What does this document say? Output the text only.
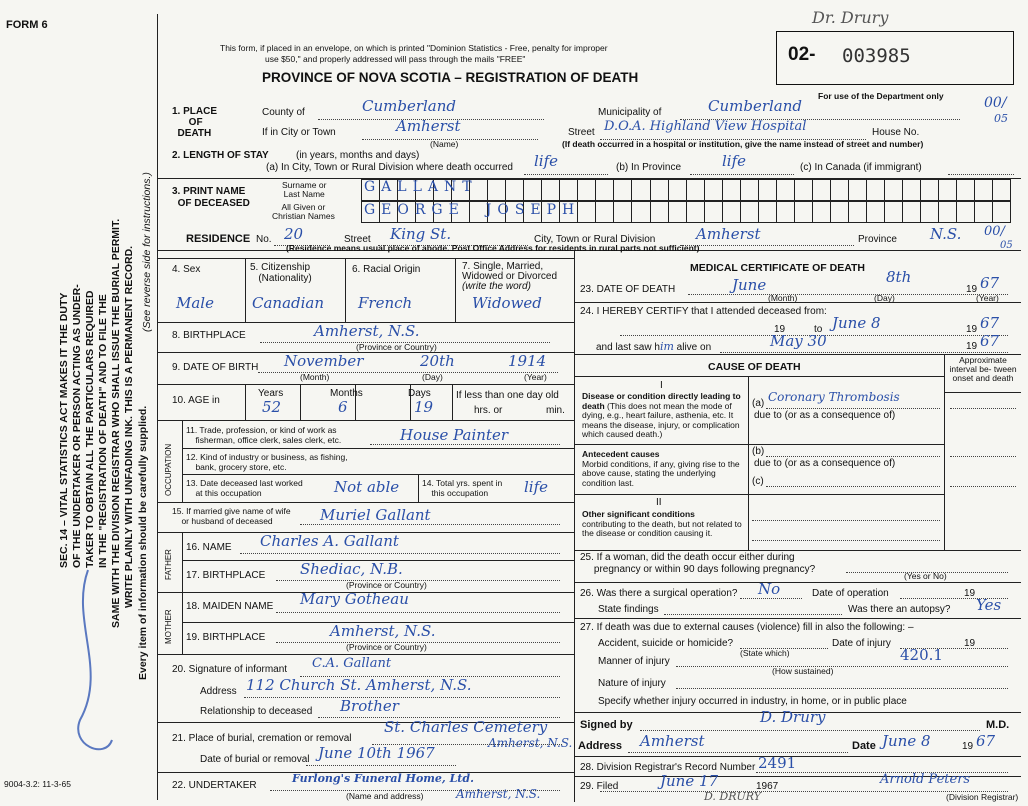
FORM 6
This form, if placed in an envelope, on which is printed "Dominion Statistics - Free, penalty for improper
use $50," and properly addressed will pass through the mails "FREE"
PROVINCE OF NOVA SCOTIA – REGISTRATION OF DEATH
Dr. Drury
02- 003985
For use of the Department only	00/
05
SEC. 14 – VITAL STATISTICS ACT MAKES IT THE DUTY OF THE UNDERTAKER OR PERSON ACTING AS UNDER- TAKER TO OBTAIN ALL THE PARTICULARS REQUIRED IN THE "REGISTRATION OF DEATH" AND TO FILE THE SAME WITH THE DIVISION REGISTRAR WHO SHALL ISSUE THE BURIAL PERMIT. WRITE PLAINLY WITH UNFADING INK. THIS IS A PERMANENT RECORD. Every item of information should be carefully supplied.
(See reverse side for instructions.)
1. PLACE
OF
DEATH
County of	Cumberland	Municipality of	Cumberland
If in City or Town	Amherst
(Name)
Street D.O.A. Highland View Hospital	House No.
(If death occurred in a hospital or institution, give the name instead of street and number)
2. LENGTH OF STAY	(in years, months and days)
(a) In City, Town or Rural Division where death occurred life	(b) In Province	life	(c) In Canada (if immigrant)
3. PRINT NAME
OF DECEASED
Surname or
Last Name
All Given or
Christian Names
GALLANT
GEORGE  JOSEPH
RESIDENCE No. 20	Street King St.	City, Town or Rural Division	Amherst	Province N.S. 00/
05
(Residence means usual place of abode. Post Office Address for residents in rural parts not sufficient)
4. Sex	5. Citizenship
(Nationality)
6. Racial Origin	7. Single, Married,
Widowed or Divorced
(write the word)
Male	Canadian French	Widowed
8. BIRTHPLACE	Amherst, N.S.
(Province or Country)
9. DATE OF BIRTH November	20th	1914
(Month)	(Day)	(Year)
10. AGE in
Years	Months	Days
52	6	19
If less than one day old
hrs. or	min.
OCCUPATION
11. Trade, profession, or kind of work as
fisherman, office clerk, sales clerk, etc.	House Painter
12. Kind of industry or business, as fishing,
bank, grocery store, etc.
13. Date deceased last worked
at this occupation	Not able	14. Total yrs. spent in
this occupation	life
15. If married give name of wife
or husband of deceased	Muriel Gallant
FATHER
16. NAME Charles A. Gallant
17. BIRTHPLACE Shediac, N.B.
(Province or Country)
MOTHER
18. MAIDEN NAME Mary Gotheau
19. BIRTHPLACE	Amherst, N.S.
(Province or Country)
20. Signature of informant C.A. Gallant
Address 112 Church St. Amherst, N.S.
Relationship to deceased Brother
21. Place of burial, cremation or removal
St. Charles Cemetery
Amherst, N.S.
Date of burial or removal June 10th 1967
22. UNDERTAKER
Furlong's Funeral Home, Ltd.
Amherst, N.S.
(Name and address)
9004-3.2: 11-3-65
MEDICAL CERTIFICATE OF DEATH
23. DATE OF DEATH	June	8th
19 67
(Month)	(Day)	(Year)
24. I HEREBY CERTIFY that I attended deceased from:
19	to June 8	19 67
and last saw him alive on	May 30	19 67
CAUSE OF DEATH
Approximate interval be- tween onset and death
I
Disease or condition directly leading to death (This does not mean the mode of dying, e.g., heart failure, asthenia, etc. It means the disease, injury, or complication which caused death.)
(a) Coronary Thrombosis
due to (or as a consequence of)
Antecedent causes
Morbid conditions, if any, giving rise to the above cause, stating the underlying condition last.
(b)
due to (or as a consequence of)
(c)
II
Other significant conditions
contributing to the death, but not related to the disease or condition causing it.
25. If a woman, did the death occur either during
pregnancy or within 90 days following pregnancy?
(Yes or No)
26. Was there a surgical operation? No	Date of operation	19
State findings	Was there an autopsy? Yes
27. If death was due to external causes (violence) fill in also the following: –
Accident, suicide or homicide?	Date of injury	19
(State which)	420.1
Manner of injury
(How sustained)
Nature of injury
Specify whether injury occurred in industry, in home, or in public place
Signed by	D. Drury	M.D.
Address Amherst	Date June 8	19 67
28. Division Registrar's Record Number 2491
29. Filed	June 17	1967	Arnold Peters
(Division Registrar)
D. DRURY
